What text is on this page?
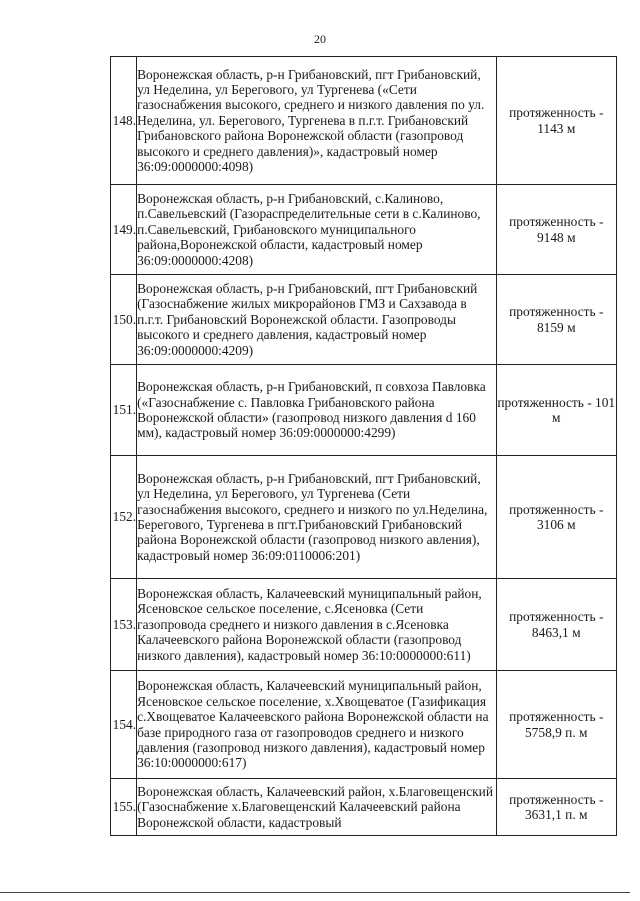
20
148.	Воронежская область, р-н Грибановский, пгт Грибановский, ул Неделина, ул Берегового, ул Тургенева («Сети газоснабжения высокого, среднего и низкого давления по ул. Неделина, ул. Берегового, Тургенева в п.г.т. Грибановский Грибановского района Воронежской области (газопровод высокого и среднего давления)», кадастровый номер 36:09:0000000:4098)	протяженность - 1143 м
149.	Воронежская область, р-н Грибановский, с.Калиново, п.Савельевский (Газораспределительные сети в с.Калиново, п.Савельевский, Грибановского муниципального района,Воронежской области, кадастровый номер 36:09:0000000:4208)	протяженность - 9148 м
150.	Воронежская область, р-н Грибановский, пгт Грибановский (Газоснабжение жилых микрорайонов ГМЗ и Сахзавода в п.г.т. Грибановский Воронежской области. Газопроводы высокого и среднего давления, кадастровый номер 36:09:0000000:4209)	протяженность - 8159 м
151.	Воронежская область, р-н Грибановский, п совхоза Павловка («Газоснабжение с. Павловка Грибановского района Воронежской области» (газопровод низкого давления d 160 мм), кадастровый номер 36:09:0000000:4299)	протяженность - 101 м
152.	Воронежская область, р-н Грибановский, пгт Грибановский, ул Неделина, ул Берегового, ул Тургенева (Сети газоснабжения высокого, среднего и низкого по ул.Неделина, Берегового, Тургенева в пгт.Грибановский Грибановский района Воронежской области (газопровод низкого авления), кадастровый номер 36:09:0110006:201)	протяженность - 3106 м
153.	Воронежская область, Калачеевский муниципальный район, Ясеновское сельское поселение, с.Ясеновка (Сети газопровода среднего и низкого давления в с.Ясеновка Калачеевского района Воронежской области (газопровод низкого давления), кадастровый номер 36:10:0000000:611)	протяженность - 8463,1 м
154.	Воронежская область, Калачеевский муниципальный район, Ясеновское сельское поселение, х.Хвощеватое (Газификация с.Хвощеватое Калачеевского района Воронежской области на базе природного газа от газопроводов среднего и низкого давления (газопровод низкого давления), кадастровый номер 36:10:0000000:617)	протяженность - 5758,9 п. м
155.	Воронежская область, Калачеевский район, х.Благовещенский (Газоснабжение х.Благовещенский Калачеевский района Воронежской области, кадастровый	протяженность - 3631,1 п. м
